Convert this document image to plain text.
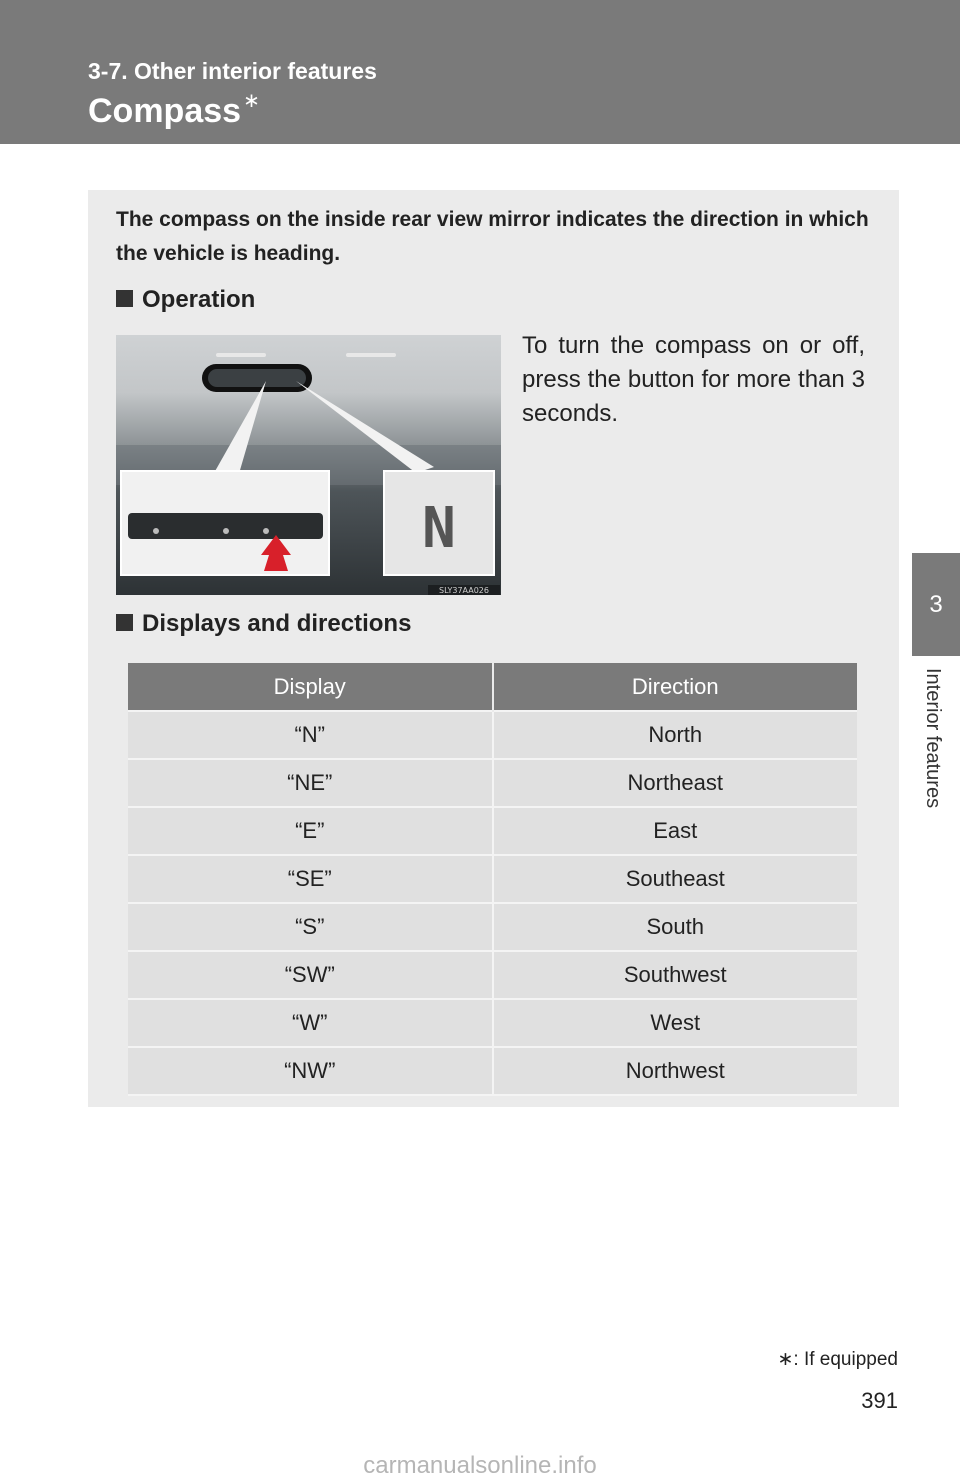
3-7. Other interior features
Compass ∗
3
Interior features
The compass on the inside rear view mirror indicates the direction in which the vehicle is heading.
Operation
N
SLY37AA026
To turn the compass on or off, press the button for more than 3 seconds.
Displays and directions
Display	Direction
“N”	North
“NE”	Northeast
“E”	East
“SE”	Southeast
“S”	South
“SW”	Southwest
“W”	West
“NW”	Northwest
∗: If equipped
391
carmanualsonline.info
